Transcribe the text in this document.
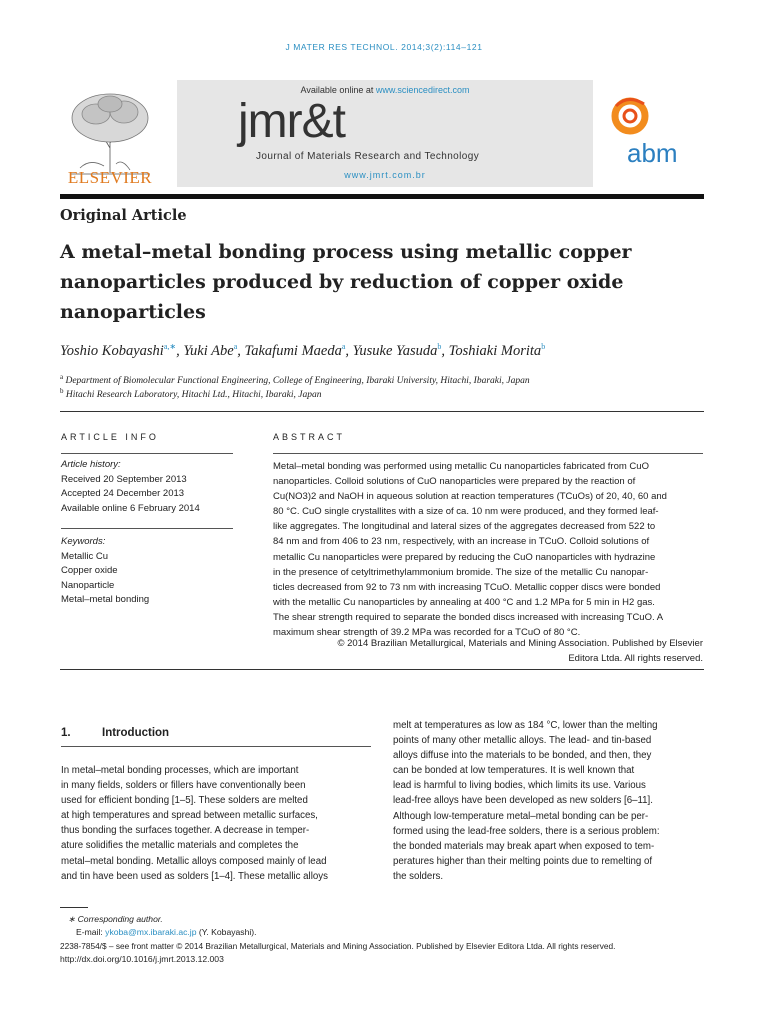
J MATER RES TECHNOL. 2014;3(2):114–121
ELSEVIER
Available online at www.sciencedirect.com
jmr&t
Journal of Materials Research and Technology
www.jmrt.com.br
abm
Original Article
A metal–metal bonding process using metallic copper
nanoparticles produced by reduction of copper oxide
nanoparticles
Yoshio Kobayashi$^{a,∗}$, Yuki Abe$^a$, Takafumi Maeda$^a$, Yusuke Yasuda$^b$, Toshiaki Morita$^b$
$^a$ Department of Biomolecular Functional Engineering, College of Engineering, Ibaraki University, Hitachi, Ibaraki, Japan
$^b$ Hitachi Research Laboratory, Hitachi Ltd., Hitachi, Ibaraki, Japan
ARTICLE INFO
Article history:
Received 20 September 2013
Accepted 24 December 2013
Available online 6 February 2014
Keywords:
Metallic Cu
Copper oxide
Nanoparticle
Metal–metal bonding
ABSTRACT
Metal–metal bonding was performed using metallic Cu nanoparticles fabricated from CuO
nanoparticles. Colloid solutions of CuO nanoparticles were prepared by the reaction of
Cu(NO3)2 and NaOH in aqueous solution at reaction temperatures (TCuOs) of 20, 40, 60 and
80 °C. CuO single crystallites with a size of ca. 10 nm were produced, and they formed leaf-
like aggregates. The longitudinal and lateral sizes of the aggregates decreased from 522 to
84 nm and from 406 to 23 nm, respectively, with an increase in TCuO. Colloid solutions of
metallic Cu nanoparticles were prepared by reducing the CuO nanoparticles with hydrazine
in the presence of cetyltrimethylammonium bromide. The size of the metallic Cu nanopar-
ticles decreased from 92 to 73 nm with increasing TCuO. Metallic copper discs were bonded
with the metallic Cu nanoparticles by annealing at 400 °C and 1.2 MPa for 5 min in H2 gas.
The shear strength required to separate the bonded discs increased with increasing TCuO. A
maximum shear strength of 39.2 MPa was recorded for a TCuO of 80 °C.
© 2014 Brazilian Metallurgical, Materials and Mining Association. Published by Elsevier
Editora Ltda. All rights reserved.
1.	Introduction
In metal–metal bonding processes, which are important
in many fields, solders or fillers have conventionally been
used for efficient bonding [1–5]. These solders are melted
at high temperatures and spread between metallic surfaces,
thus bonding the surfaces together. A decrease in temper-
ature solidifies the metallic materials and completes the
metal–metal bonding. Metallic alloys composed mainly of lead
and tin have been used as solders [1–4]. These metallic alloys
melt at temperatures as low as 184 °C, lower than the melting
points of many other metallic alloys. The lead- and tin-based
alloys diffuse into the materials to be bonded, and then, they
can be bonded at low temperatures. It is well known that
lead is harmful to living bodies, which limits its use. Various
lead-free alloys have been developed as new solders [6–11].
Although low-temperature metal–metal bonding can be per-
formed using the lead-free solders, there is a serious problem:
the bonded materials may break apart when exposed to tem-
peratures higher than their melting points due to remelting of
the solders.
∗ Corresponding author.
E-mail: ykoba@mx.ibaraki.ac.jp (Y. Kobayashi).
2238-7854/$ – see front matter © 2014 Brazilian Metallurgical, Materials and Mining Association. Published by Elsevier Editora Ltda. All rights reserved.
http://dx.doi.org/10.1016/j.jmrt.2013.12.003
